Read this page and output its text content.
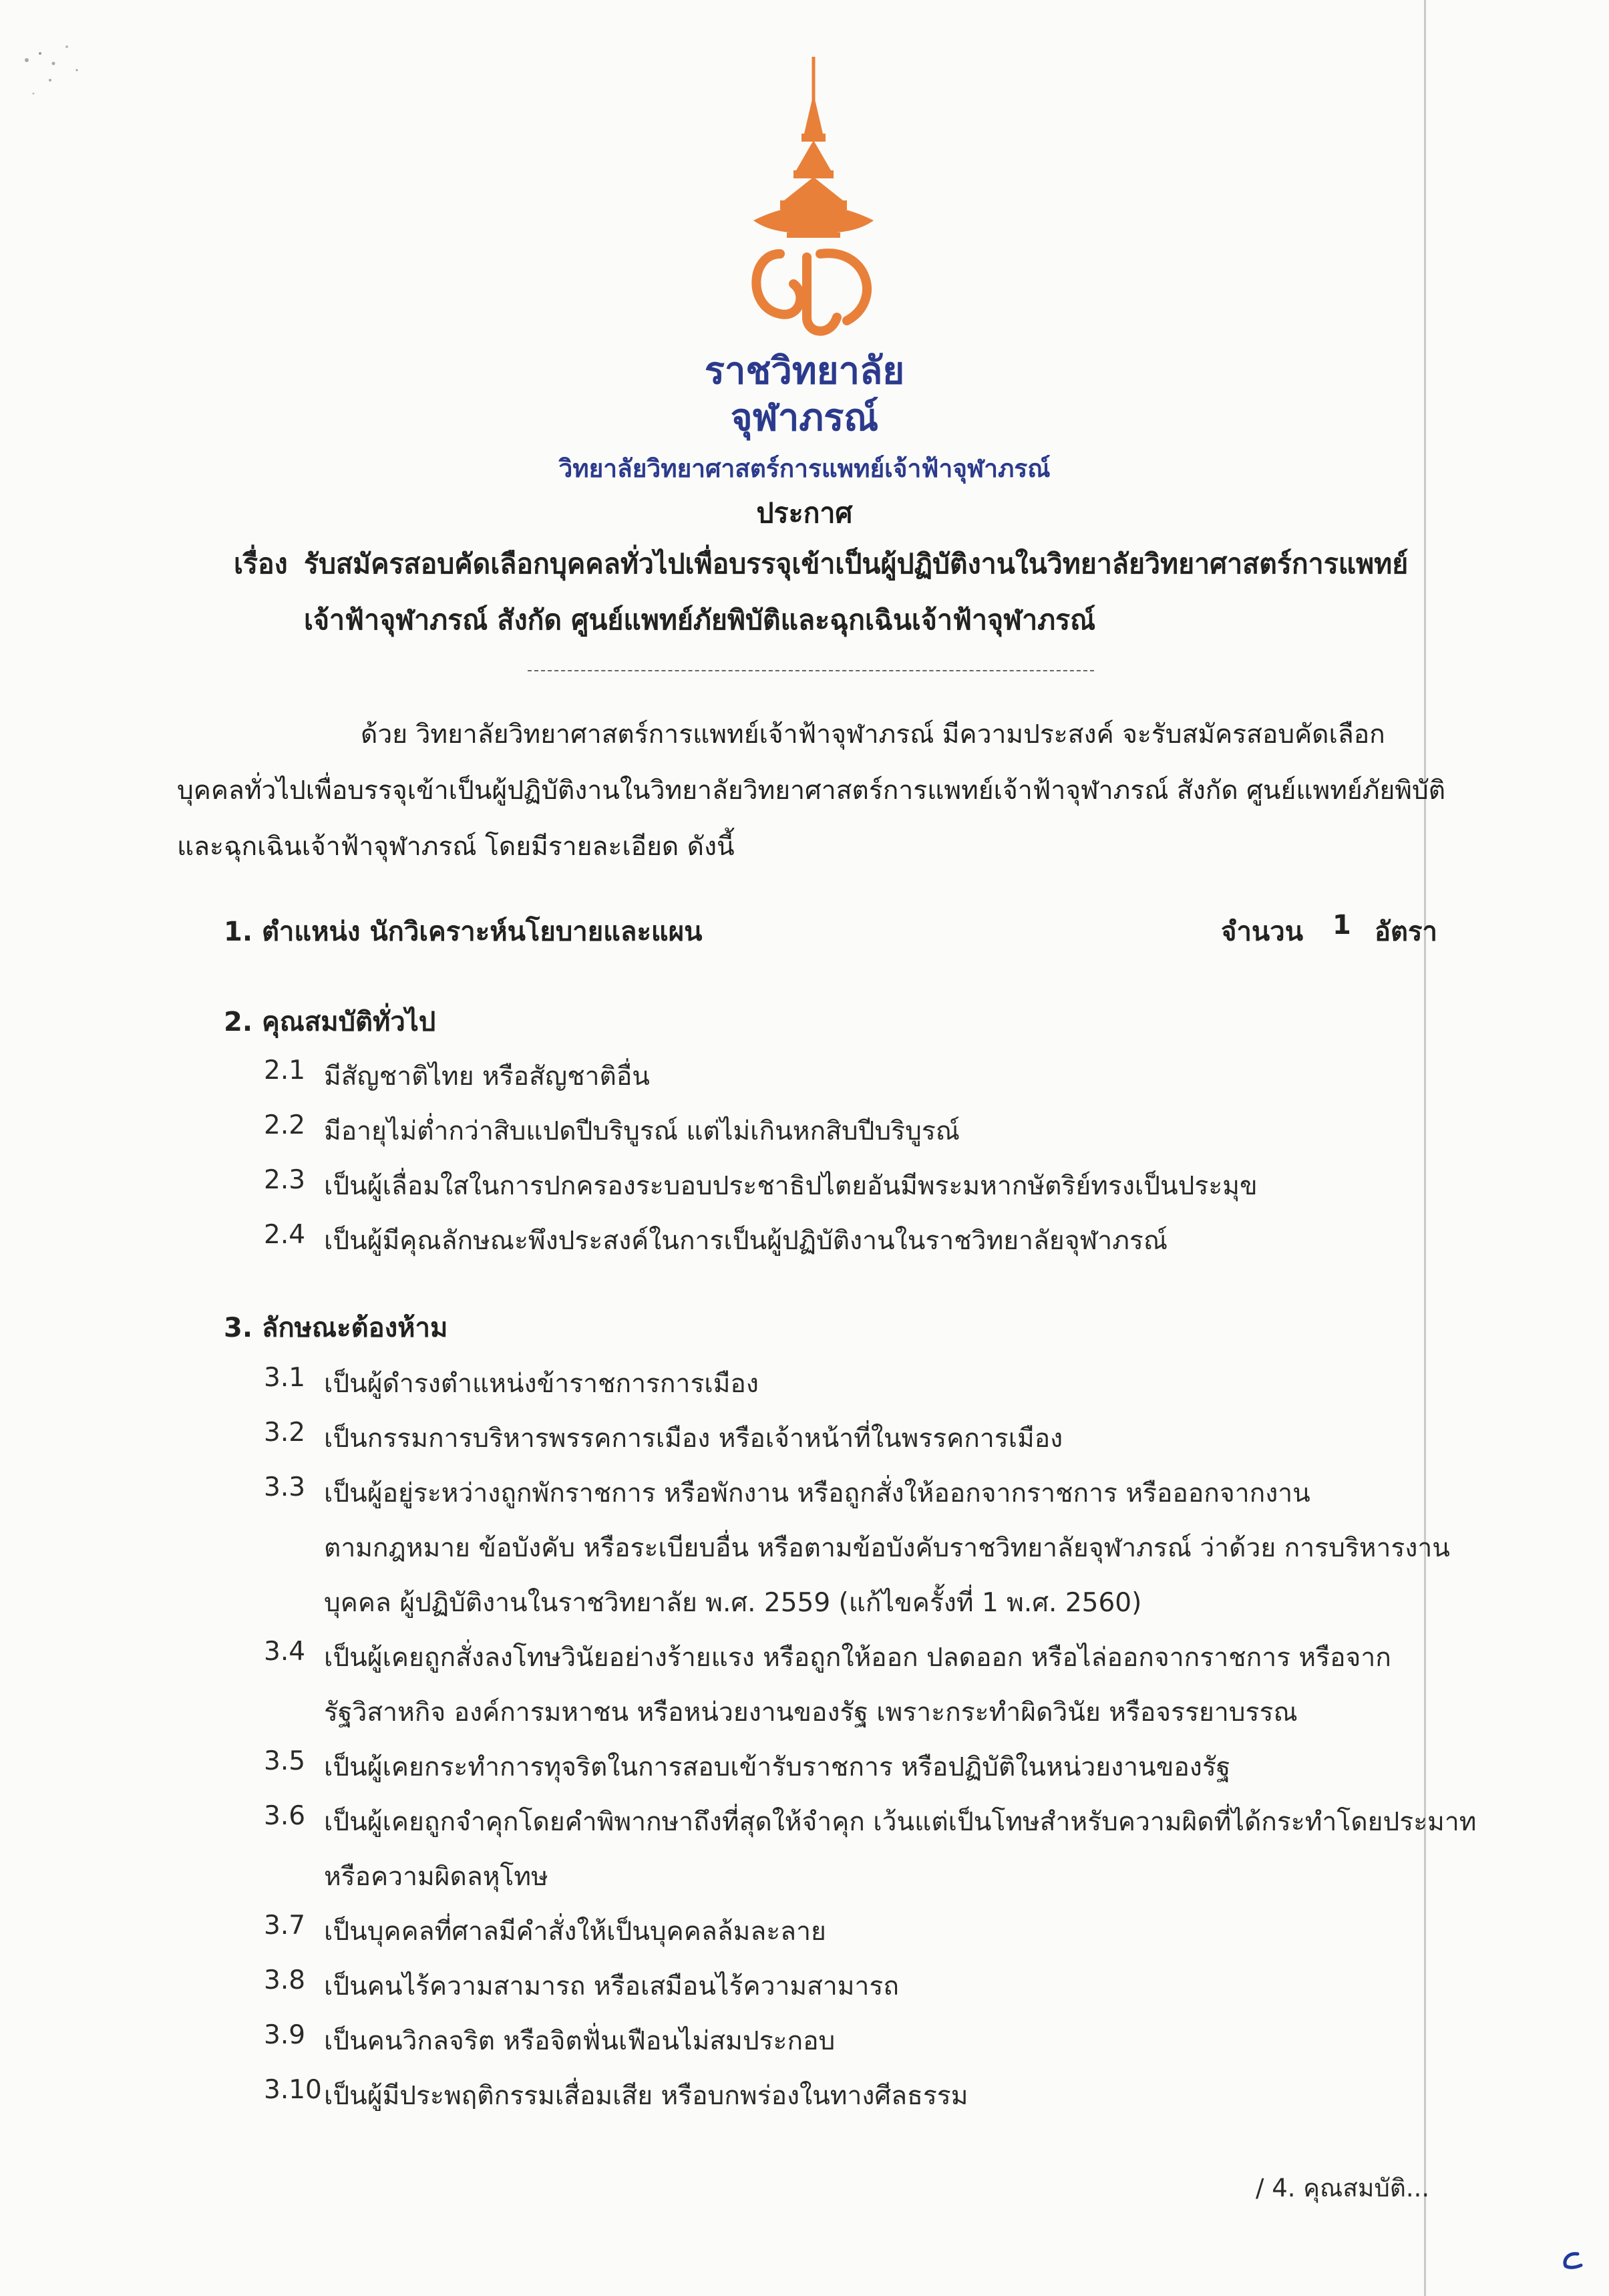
ราชวิทยาลัย
จุฬาภรณ์
วิทยาลัยวิทยาศาสตร์การแพทย์เจ้าฟ้าจุฬาภรณ์
ประกาศ
เรื่อง รับสมัครสอบคัดเลือกบุคคลทั่วไปเพื่อบรรจุเข้าเป็นผู้ปฏิบัติงานในวิทยาลัยวิทยาศาสตร์การแพทย์
เจ้าฟ้าจุฬาภรณ์ สังกัด ศูนย์แพทย์ภัยพิบัติและฉุกเฉินเจ้าฟ้าจุฬาภรณ์
ด้วย วิทยาลัยวิทยาศาสตร์การแพทย์เจ้าฟ้าจุฬาภรณ์ มีความประสงค์ จะรับสมัครสอบคัดเลือก
บุคคลทั่วไปเพื่อบรรจุเข้าเป็นผู้ปฏิบัติงานในวิทยาลัยวิทยาศาสตร์การแพทย์เจ้าฟ้าจุฬาภรณ์ สังกัด ศูนย์แพทย์ภัยพิบัติ
และฉุกเฉินเจ้าฟ้าจุฬาภรณ์ โดยมีรายละเอียด ดังนี้
1. ตำแหน่ง นักวิเคราะห์นโยบายและแผน	จำนวน 1 อัตรา
2. คุณสมบัติทั่วไป
2.1 มีสัญชาติไทย หรือสัญชาติอื่น
2.2 มีอายุไม่ต่ำกว่าสิบแปดปีบริบูรณ์ แต่ไม่เกินหกสิบปีบริบูรณ์
2.3 เป็นผู้เลื่อมใสในการปกครองระบอบประชาธิปไตยอันมีพระมหากษัตริย์ทรงเป็นประมุข
2.4 เป็นผู้มีคุณลักษณะพึงประสงค์ในการเป็นผู้ปฏิบัติงานในราชวิทยาลัยจุฬาภรณ์
3. ลักษณะต้องห้าม
3.1 เป็นผู้ดำรงตำแหน่งข้าราชการการเมือง
3.2 เป็นกรรมการบริหารพรรคการเมือง หรือเจ้าหน้าที่ในพรรคการเมือง
3.3 เป็นผู้อยู่ระหว่างถูกพักราชการ หรือพักงาน หรือถูกสั่งให้ออกจากราชการ หรือออกจากงาน
ตามกฎหมาย ข้อบังคับ หรือระเบียบอื่น หรือตามข้อบังคับราชวิทยาลัยจุฬาภรณ์ ว่าด้วย การบริหารงาน
บุคคล ผู้ปฏิบัติงานในราชวิทยาลัย พ.ศ. 2559 (แก้ไขครั้งที่ 1 พ.ศ. 2560)
3.4 เป็นผู้เคยถูกสั่งลงโทษวินัยอย่างร้ายแรง หรือถูกให้ออก ปลดออก หรือไล่ออกจากราชการ หรือจาก
รัฐวิสาหกิจ องค์การมหาชน หรือหน่วยงานของรัฐ เพราะกระทำผิดวินัย หรือจรรยาบรรณ
3.5 เป็นผู้เคยกระทำการทุจริตในการสอบเข้ารับราชการ หรือปฏิบัติในหน่วยงานของรัฐ
3.6 เป็นผู้เคยถูกจำคุกโดยคำพิพากษาถึงที่สุดให้จำคุก เว้นแต่เป็นโทษสำหรับความผิดที่ได้กระทำโดยประมาท
หรือความผิดลหุโทษ
3.7 เป็นบุคคลที่ศาลมีคำสั่งให้เป็นบุคคลล้มละลาย
3.8 เป็นคนไร้ความสามารถ หรือเสมือนไร้ความสามารถ
3.9 เป็นคนวิกลจริต หรือจิตฟั่นเฟือนไม่สมประกอบ
3.10 เป็นผู้มีประพฤติกรรมเสื่อมเสีย หรือบกพร่องในทางศีลธรรม
/ 4. คุณสมบัติ...
